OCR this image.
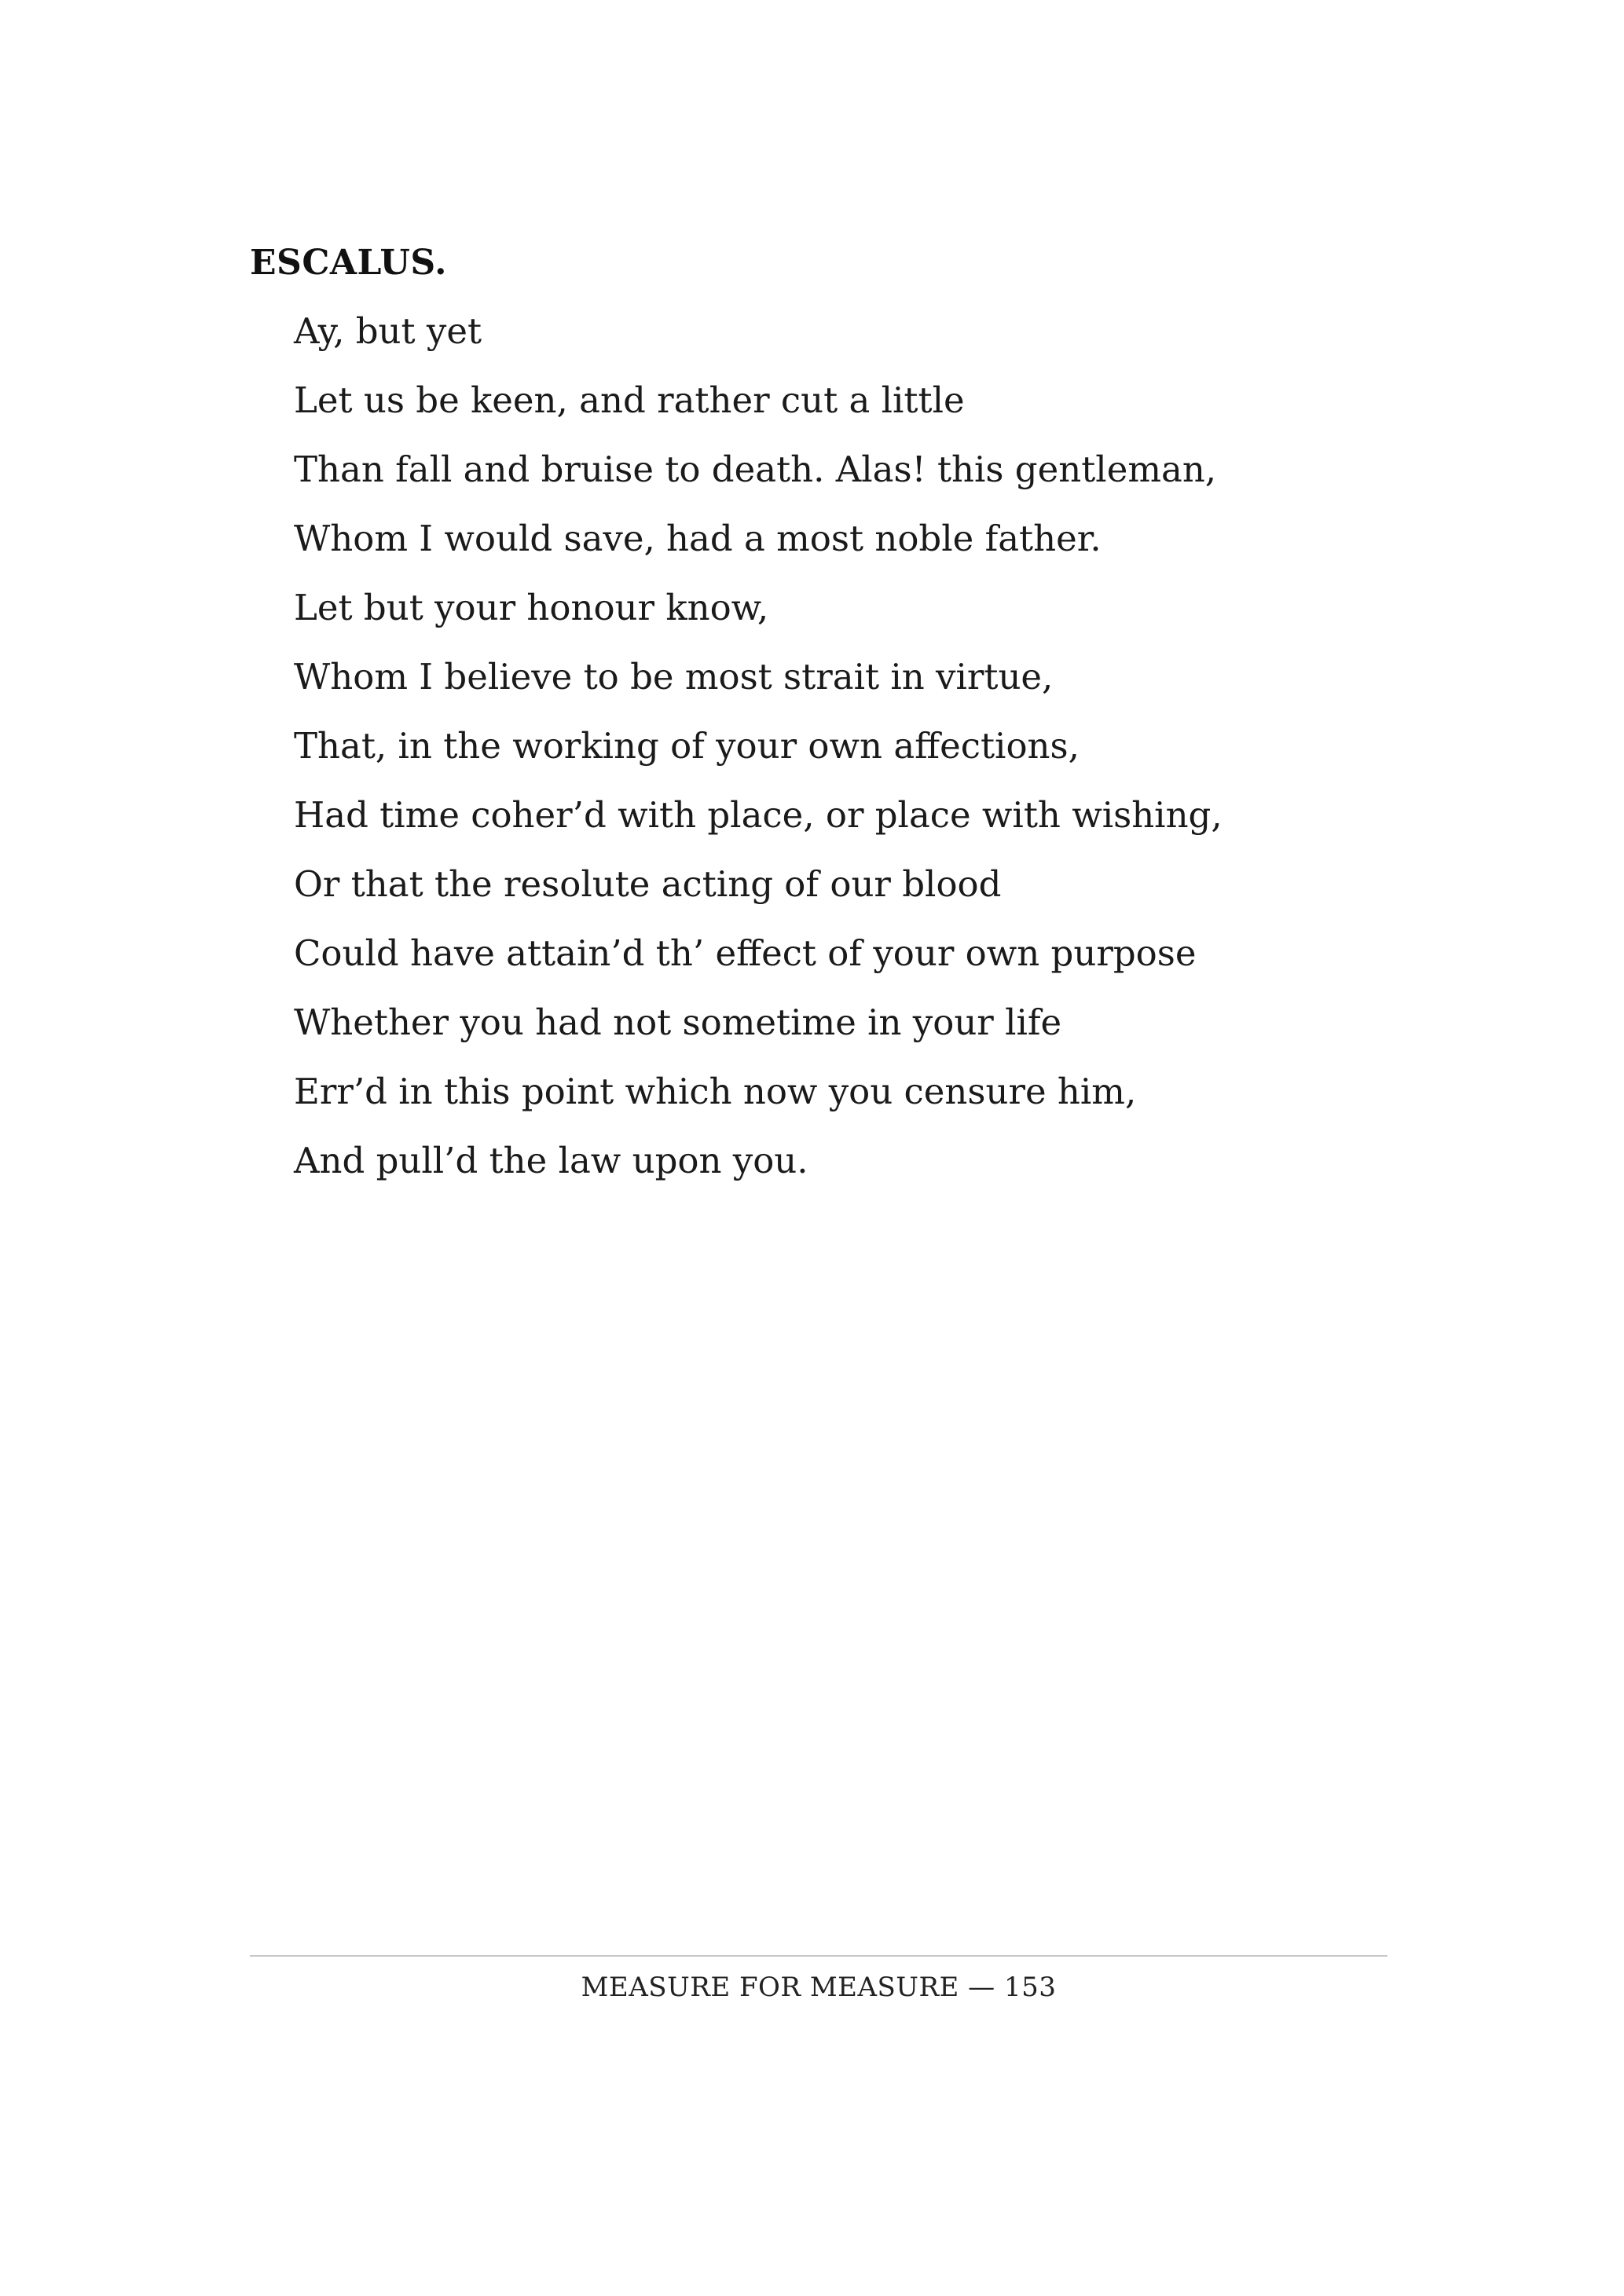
ESCALUS.
Ay, but yet
Let us be keen, and rather cut a little
Than fall and bruise to death. Alas! this gentleman,
Whom I would save, had a most noble father.
Let but your honour know,
Whom I believe to be most strait in virtue,
That, in the working of your own affections,
Had time coher’d with place, or place with wishing,
Or that the resolute acting of our blood
Could have attain’d th’ effect of your own purpose
Whether you had not sometime in your life
Err’d in this point which now you censure him,
And pull’d the law upon you.
MEASURE FOR MEASURE — 153
